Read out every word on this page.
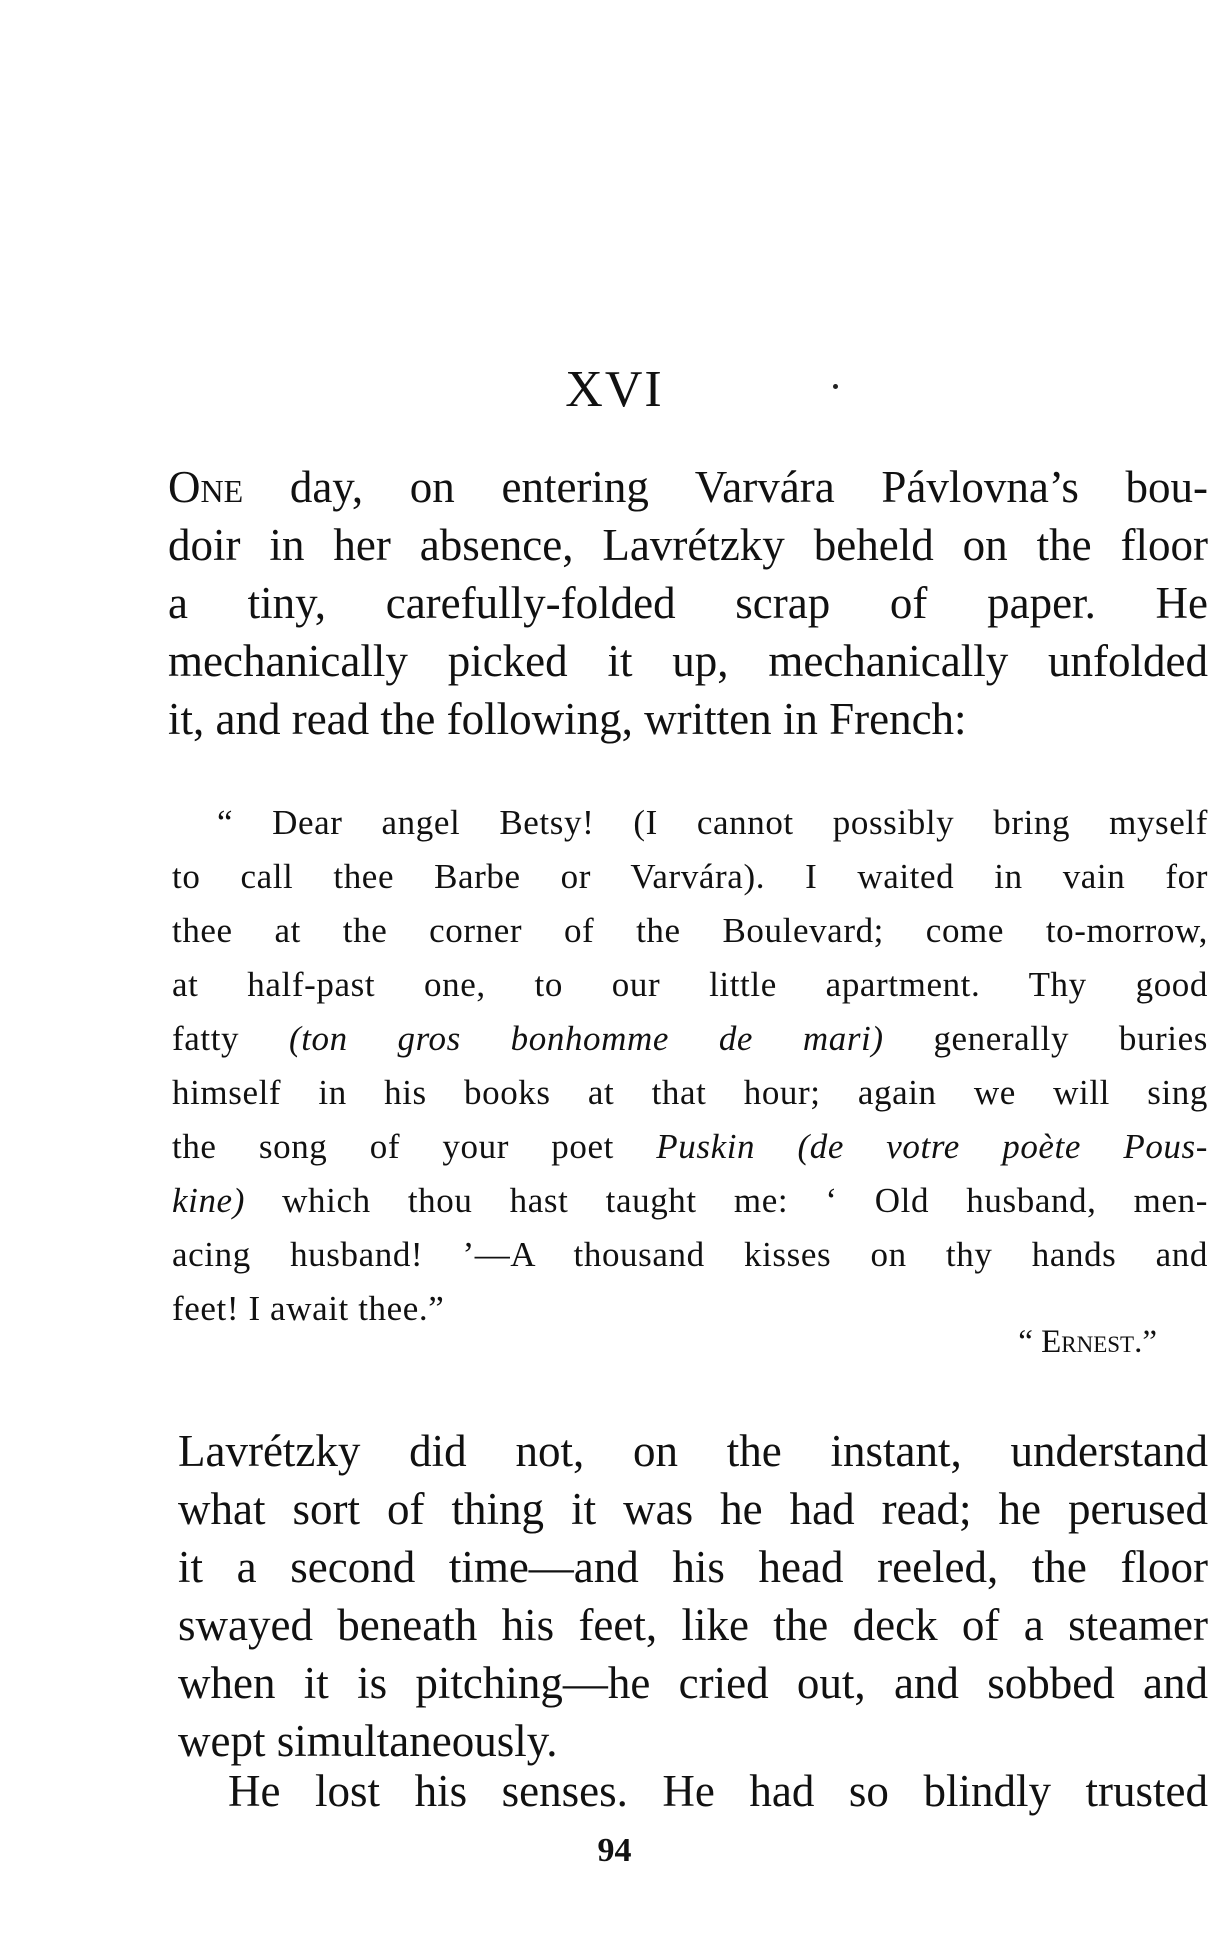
XVI
One day, on entering Varvára Pávlovna’s bou-
doir in her absence, Lavrétzky beheld on the floor
a tiny, carefully-folded scrap of paper. He
mechanically picked it up, mechanically unfolded
it, and read the following, written in French:
“ Dear angel Betsy! (I cannot possibly bring myself
to call thee Barbe or Varvára). I waited in vain for
thee at the corner of the Boulevard; come to-morrow,
at half-past one, to our little apartment. Thy good
fatty (ton gros bonhomme de mari) generally buries
himself in his books at that hour; again we will sing
the song of your poet Puskin (de votre poète Pous-
kine) which thou hast taught me: ‘ Old husband, men-
acing husband! ’—A thousand kisses on thy hands and
feet! I await thee.”
“ Ernest.”
Lavrétzky did not, on the instant, understand
what sort of thing it was he had read; he perused
it a second time—and his head reeled, the floor
swayed beneath his feet, like the deck of a steamer
when it is pitching—he cried out, and sobbed and
wept simultaneously.
He lost his senses. He had so blindly trusted
94
